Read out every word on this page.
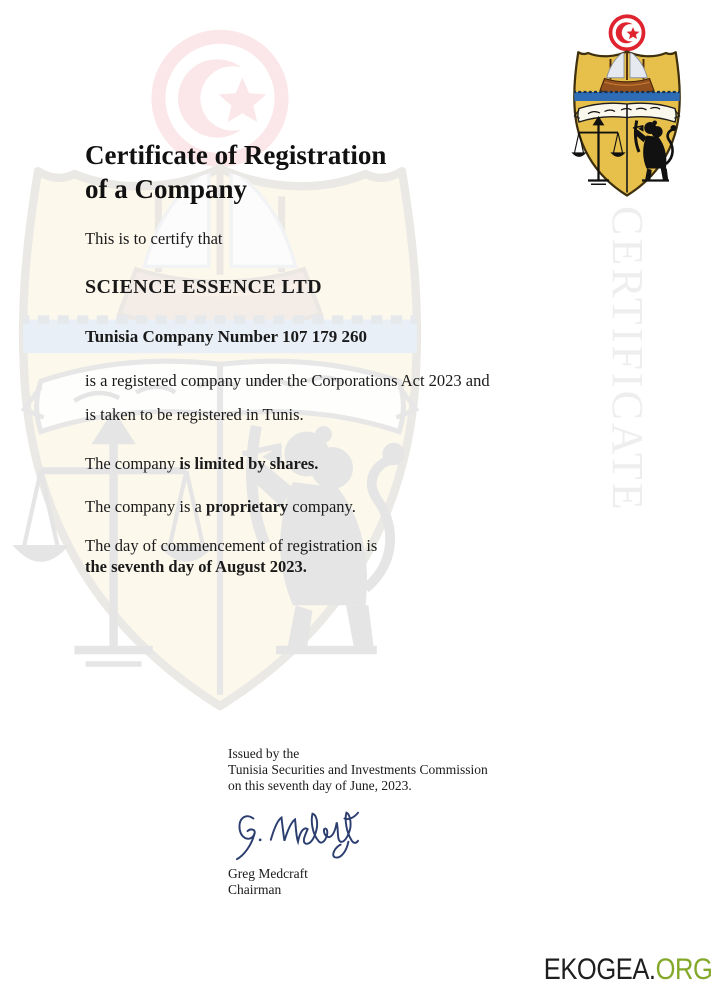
CERTIFICATE
Certificate of Registration
of a Company
This is to certify that
SCIENCE ESSENCE LTD
Tunisia Company Number 107 179 260
is a registered company under the Corporations Act 2023 and
is taken to be registered in Tunis.
The company is limited by shares.
The company is a proprietary company.
The day of commencement of registration is
the seventh day of August 2023.
Issued by the
Tunisia Securities and Investments Commission
on this seventh day of June, 2023.
Greg Medcraft
Chairman
EKOGEA.ORG
